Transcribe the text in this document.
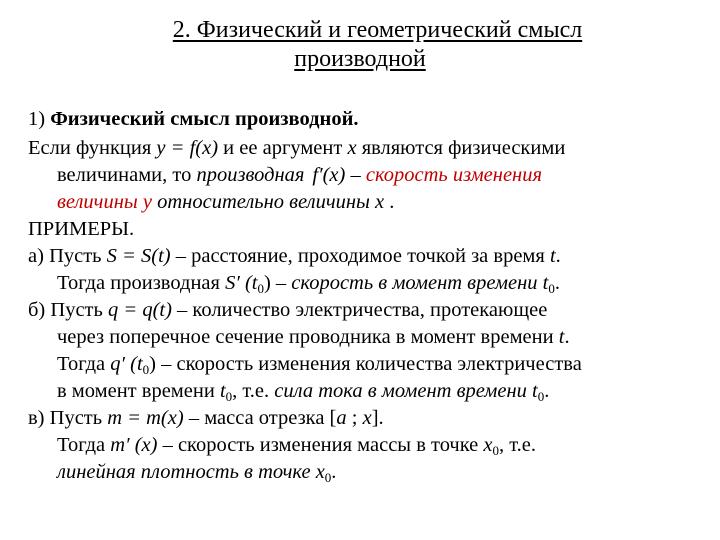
2. Физический и геометрический смысл
производной
1) Физический смысл производной.
Если функция y = f(x) и ее аргумент x являются физическими
величинами, то производная f′(x) – скорость изменения
величины у относительно величины х .
ПРИМЕРЫ.
а) Пусть S = S(t) – расстояние, проходимое точкой за время t.
Тогда производная S′ $(t_0)$ – скорость в момент времени $t_0$.
б) Пусть q = q(t) – количество электричества, протекающее
через поперечное сечение проводника в момент времени t.
Тогда q′ $(t_0)$ – скорость изменения количества электричества
в момент времени $t_0$, т.е. сила тока в момент времени $t_0$.
в) Пусть m = m(x) – масса отрезка [a ; x].
Тогда m′ (x) – скорость изменения массы в точке $x_0$, т.е.
линейная плотность в точке $x_0$.
